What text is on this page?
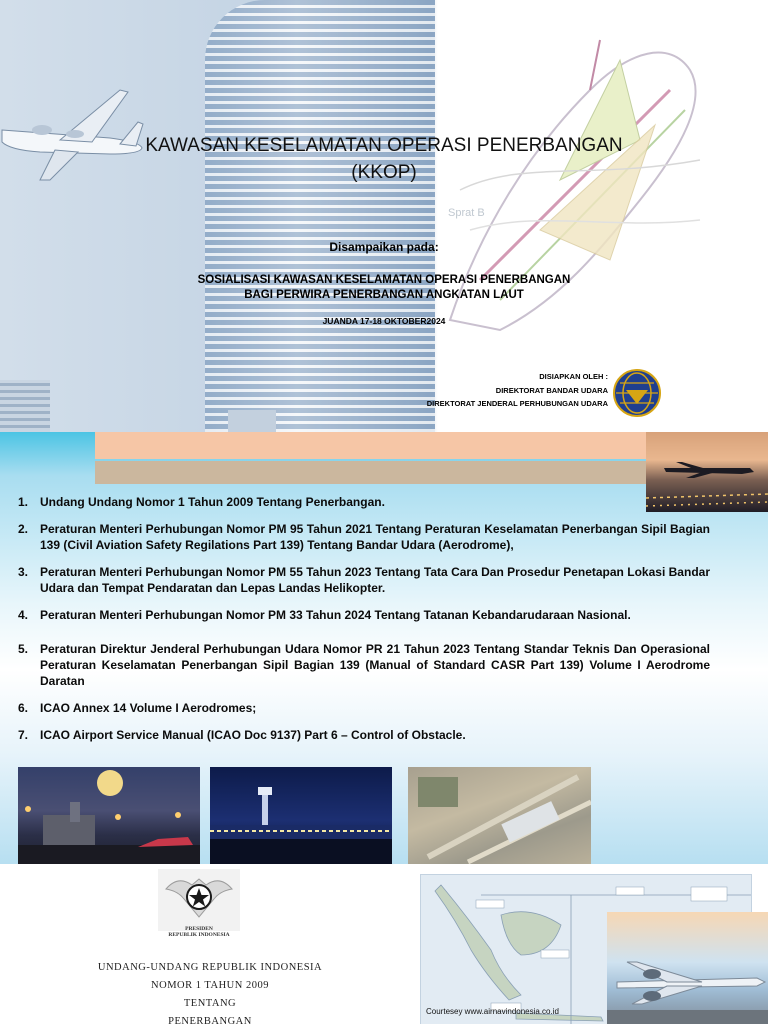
Sprat B
KAWASAN KESELAMATAN OPERASI PENERBANGAN
(KKOP)
Disampaikan pada:
SOSIALISASI KAWASAN KESELAMATAN OPERASI PENERBANGAN
BAGI PERWIRA PENERBANGAN ANGKATAN LAUT
JUANDA 17-18 OKTOBER2024
DISIAPKAN OLEH :
DIREKTORAT BANDAR UDARA
DIREKTORAT JENDERAL PERHUBUNGAN UDARA
1. Undang Undang Nomor 1 Tahun 2009 Tentang Penerbangan.
2. Peraturan Menteri Perhubungan Nomor PM 95 Tahun 2021 Tentang Peraturan Keselamatan Penerbangan Sipil Bagian 139 (Civil Aviation Safety Regilations Part 139) Tentang Bandar Udara (Aerodrome),
3. Peraturan Menteri Perhubungan Nomor PM 55 Tahun 2023 Tentang Tata Cara Dan Prosedur Penetapan Lokasi Bandar Udara dan Tempat Pendaratan dan Lepas Landas Helikopter.
4. Peraturan Menteri Perhubungan Nomor PM 33 Tahun 2024 Tentang Tatanan Kebandarudaraan Nasional.
5. Peraturan Direktur Jenderal Perhubungan Udara Nomor PR 21 Tahun 2023 Tentang Standar Teknis Dan Operasional Peraturan Keselamatan Penerbangan Sipil Bagian 139 (Manual of Standard CASR Part 139) Volume I Aerodrome Daratan
6. ICAO Annex 14 Volume I Aerodromes;
7. ICAO Airport Service Manual (ICAO Doc 9137) Part 6 – Control of Obstacle.
PRESIDEN
REPUBLIK INDONESIA
UNDANG-UNDANG REPUBLIK INDONESIA
NOMOR 1 TAHUN 2009
TENTANG
PENERBANGAN
Courtesey www.airnavindonesia.co.id
